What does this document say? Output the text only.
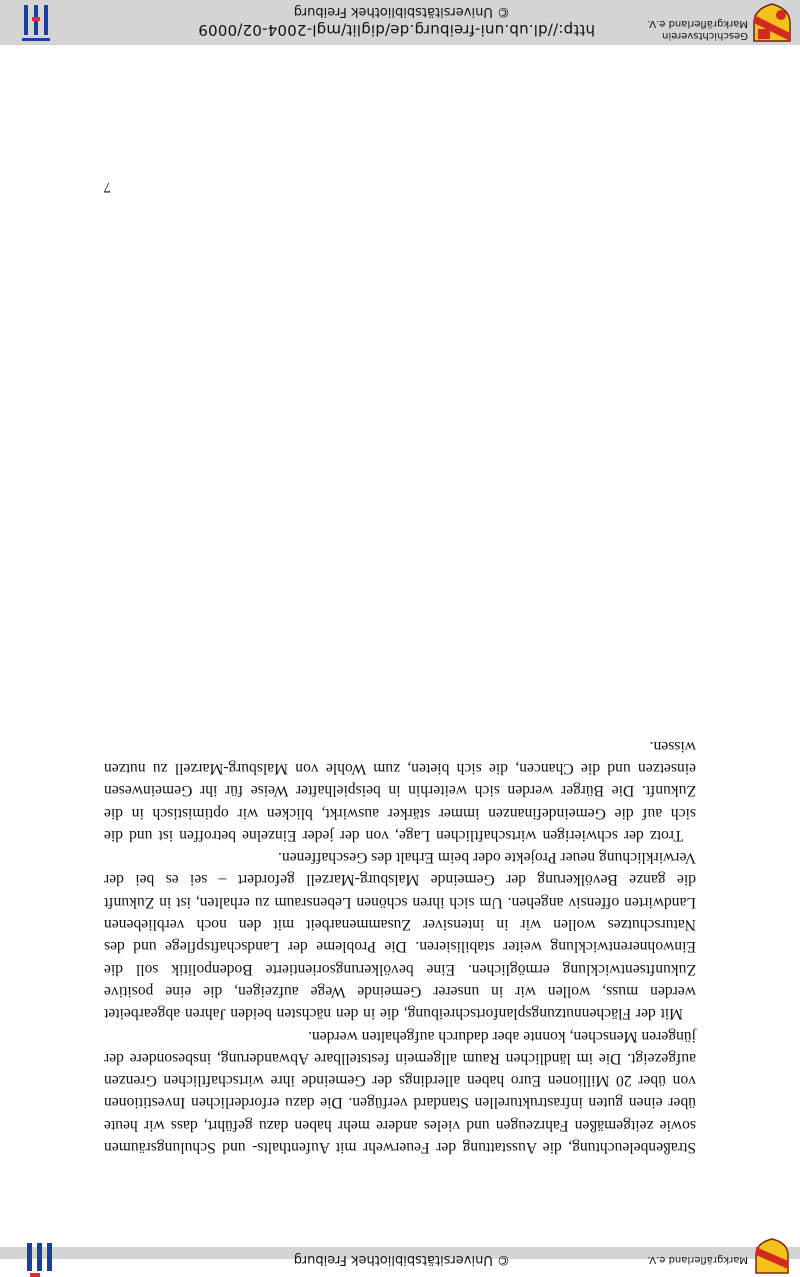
© Universitätsbibliothek Freiburg	Markgräflerland e.V.

Straßenbeleuchtung, die Ausstattung der Feuerwehr mit Aufenthalts- und Schulungsräumen sowie zeitgemäßen Fahrzeugen und vieles andere mehr haben dazu geführt, dass wir heute über einen guten infrastrukturellen Standard verfügen. Die dazu erforderlichen Investitionen von über 20 Millionen Euro haben allerdings der Gemeinde ihre wirtschaftlichen Grenzen aufgezeigt. Die im ländlichen Raum allgemein feststellbare Abwanderung, insbesondere der jüngeren Menschen, konnte aber dadurch aufgehalten werden.

Mit der Flächennutzungsplanfortschreibung, die in den nächsten beiden Jahren abgearbeitet werden muss, wollen wir in unserer Gemeinde Wege aufzeigen, die eine positive Zukunftsentwicklung ermöglichen. Eine bevölkerungsorientierte Bodenpolitik soll die Einwohnerentwicklung weiter stabilisieren. Die Probleme der Landschaftspflege und des Naturschutzes wollen wir in intensiver Zusammenarbeit mit den noch verbliebenen Landwirten offensiv angehen. Um sich ihren schönen Lebensraum zu erhalten, ist in Zukunft die ganze Bevölkerung der Gemeinde Malsburg-Marzell gefordert – sei es bei der Verwirklichung neuer Projekte oder beim Erhalt des Geschaffenen.

Trotz der schwierigen wirtschaftlichen Lage, von der jeder Einzelne betroffen ist und die sich auf die Gemeindefinanzen immer stärker auswirkt, blicken wir optimistisch in die Zukunft. Die Bürger werden sich weiterhin in beispielhafter Weise für ihr Gemeinwesen einsetzen und die Chancen, die sich bieten, zum Wohle von Malsburg-Marzell zu nutzen wissen.

7
http://dl.ub.uni-freiburg.de/diglit/mgl-2004-02/0009
© Universitätsbibliothek Freiburg
Geschichtsverein
Markgräflerland e.V.
